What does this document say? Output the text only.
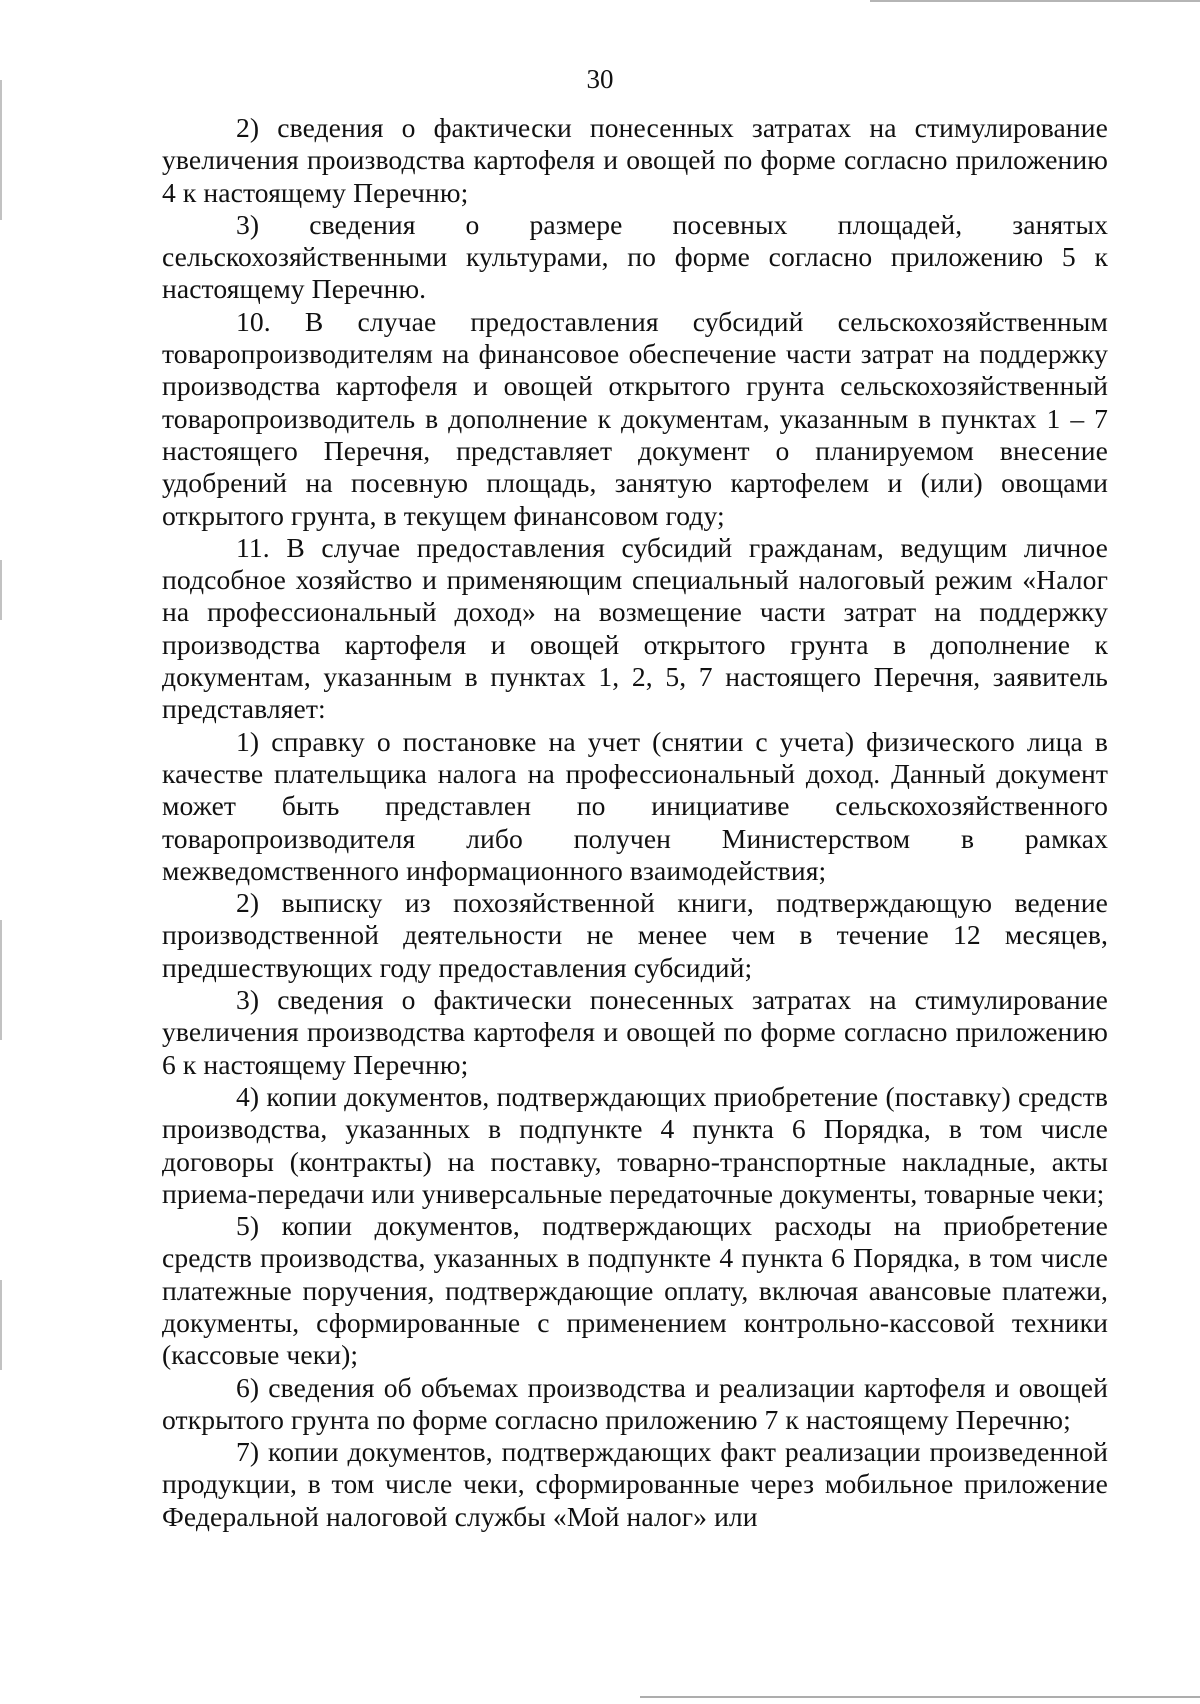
30

2) сведения о фактически понесенных затратах на стимулирование увеличения производства картофеля и овощей по форме согласно приложению 4 к настоящему Перечню;

3) сведения о размере посевных площадей, занятых сельскохозяйственными культурами, по форме согласно приложению 5 к настоящему Перечню.

10. В случае предоставления субсидий сельскохозяйственным товаропроизводителям на финансовое обеспечение части затрат на поддержку производства картофеля и овощей открытого грунта сельскохозяйственный товаропроизводитель в дополнение к документам, указанным в пунктах 1 – 7 настоящего Перечня, представляет документ о планируемом внесение удобрений на посевную площадь, занятую картофелем и (или) овощами открытого грунта, в текущем финансовом году;

11. В случае предоставления субсидий гражданам, ведущим личное подсобное хозяйство и применяющим специальный налоговый режим «Налог на профессиональный доход» на возмещение части затрат на поддержку производства картофеля и овощей открытого грунта в дополнение к документам, указанным в пунктах 1, 2, 5, 7 настоящего Перечня, заявитель представляет:

1) справку о постановке на учет (снятии с учета) физического лица в качестве плательщика налога на профессиональный доход. Данный документ может быть представлен по инициативе сельскохозяйственного товаропроизводителя либо получен Министерством в рамках межведомственного информационного взаимодействия;

2) выписку из похозяйственной книги, подтверждающую ведение производственной деятельности не менее чем в течение 12 месяцев, предшествующих году предоставления субсидий;

3) сведения о фактически понесенных затратах на стимулирование увеличения производства картофеля и овощей по форме согласно приложению 6 к настоящему Перечню;

4) копии документов, подтверждающих приобретение (поставку) средств производства, указанных в подпункте 4 пункта 6 Порядка, в том числе договоры (контракты) на поставку, товарно-транспортные накладные, акты приема-передачи или универсальные передаточные документы, товарные чеки;

5) копии документов, подтверждающих расходы на приобретение средств производства, указанных в подпункте 4 пункта 6 Порядка, в том числе платежные поручения, подтверждающие оплату, включая авансовые платежи, документы, сформированные с применением контрольно-кассовой техники (кассовые чеки);

6) сведения об объемах производства и реализации картофеля и овощей открытого грунта по форме согласно приложению 7 к настоящему Перечню;

7) копии документов, подтверждающих факт реализации произведенной продукции, в том числе чеки, сформированные через мобильное приложение Федеральной налоговой службы «Мой налог» или
